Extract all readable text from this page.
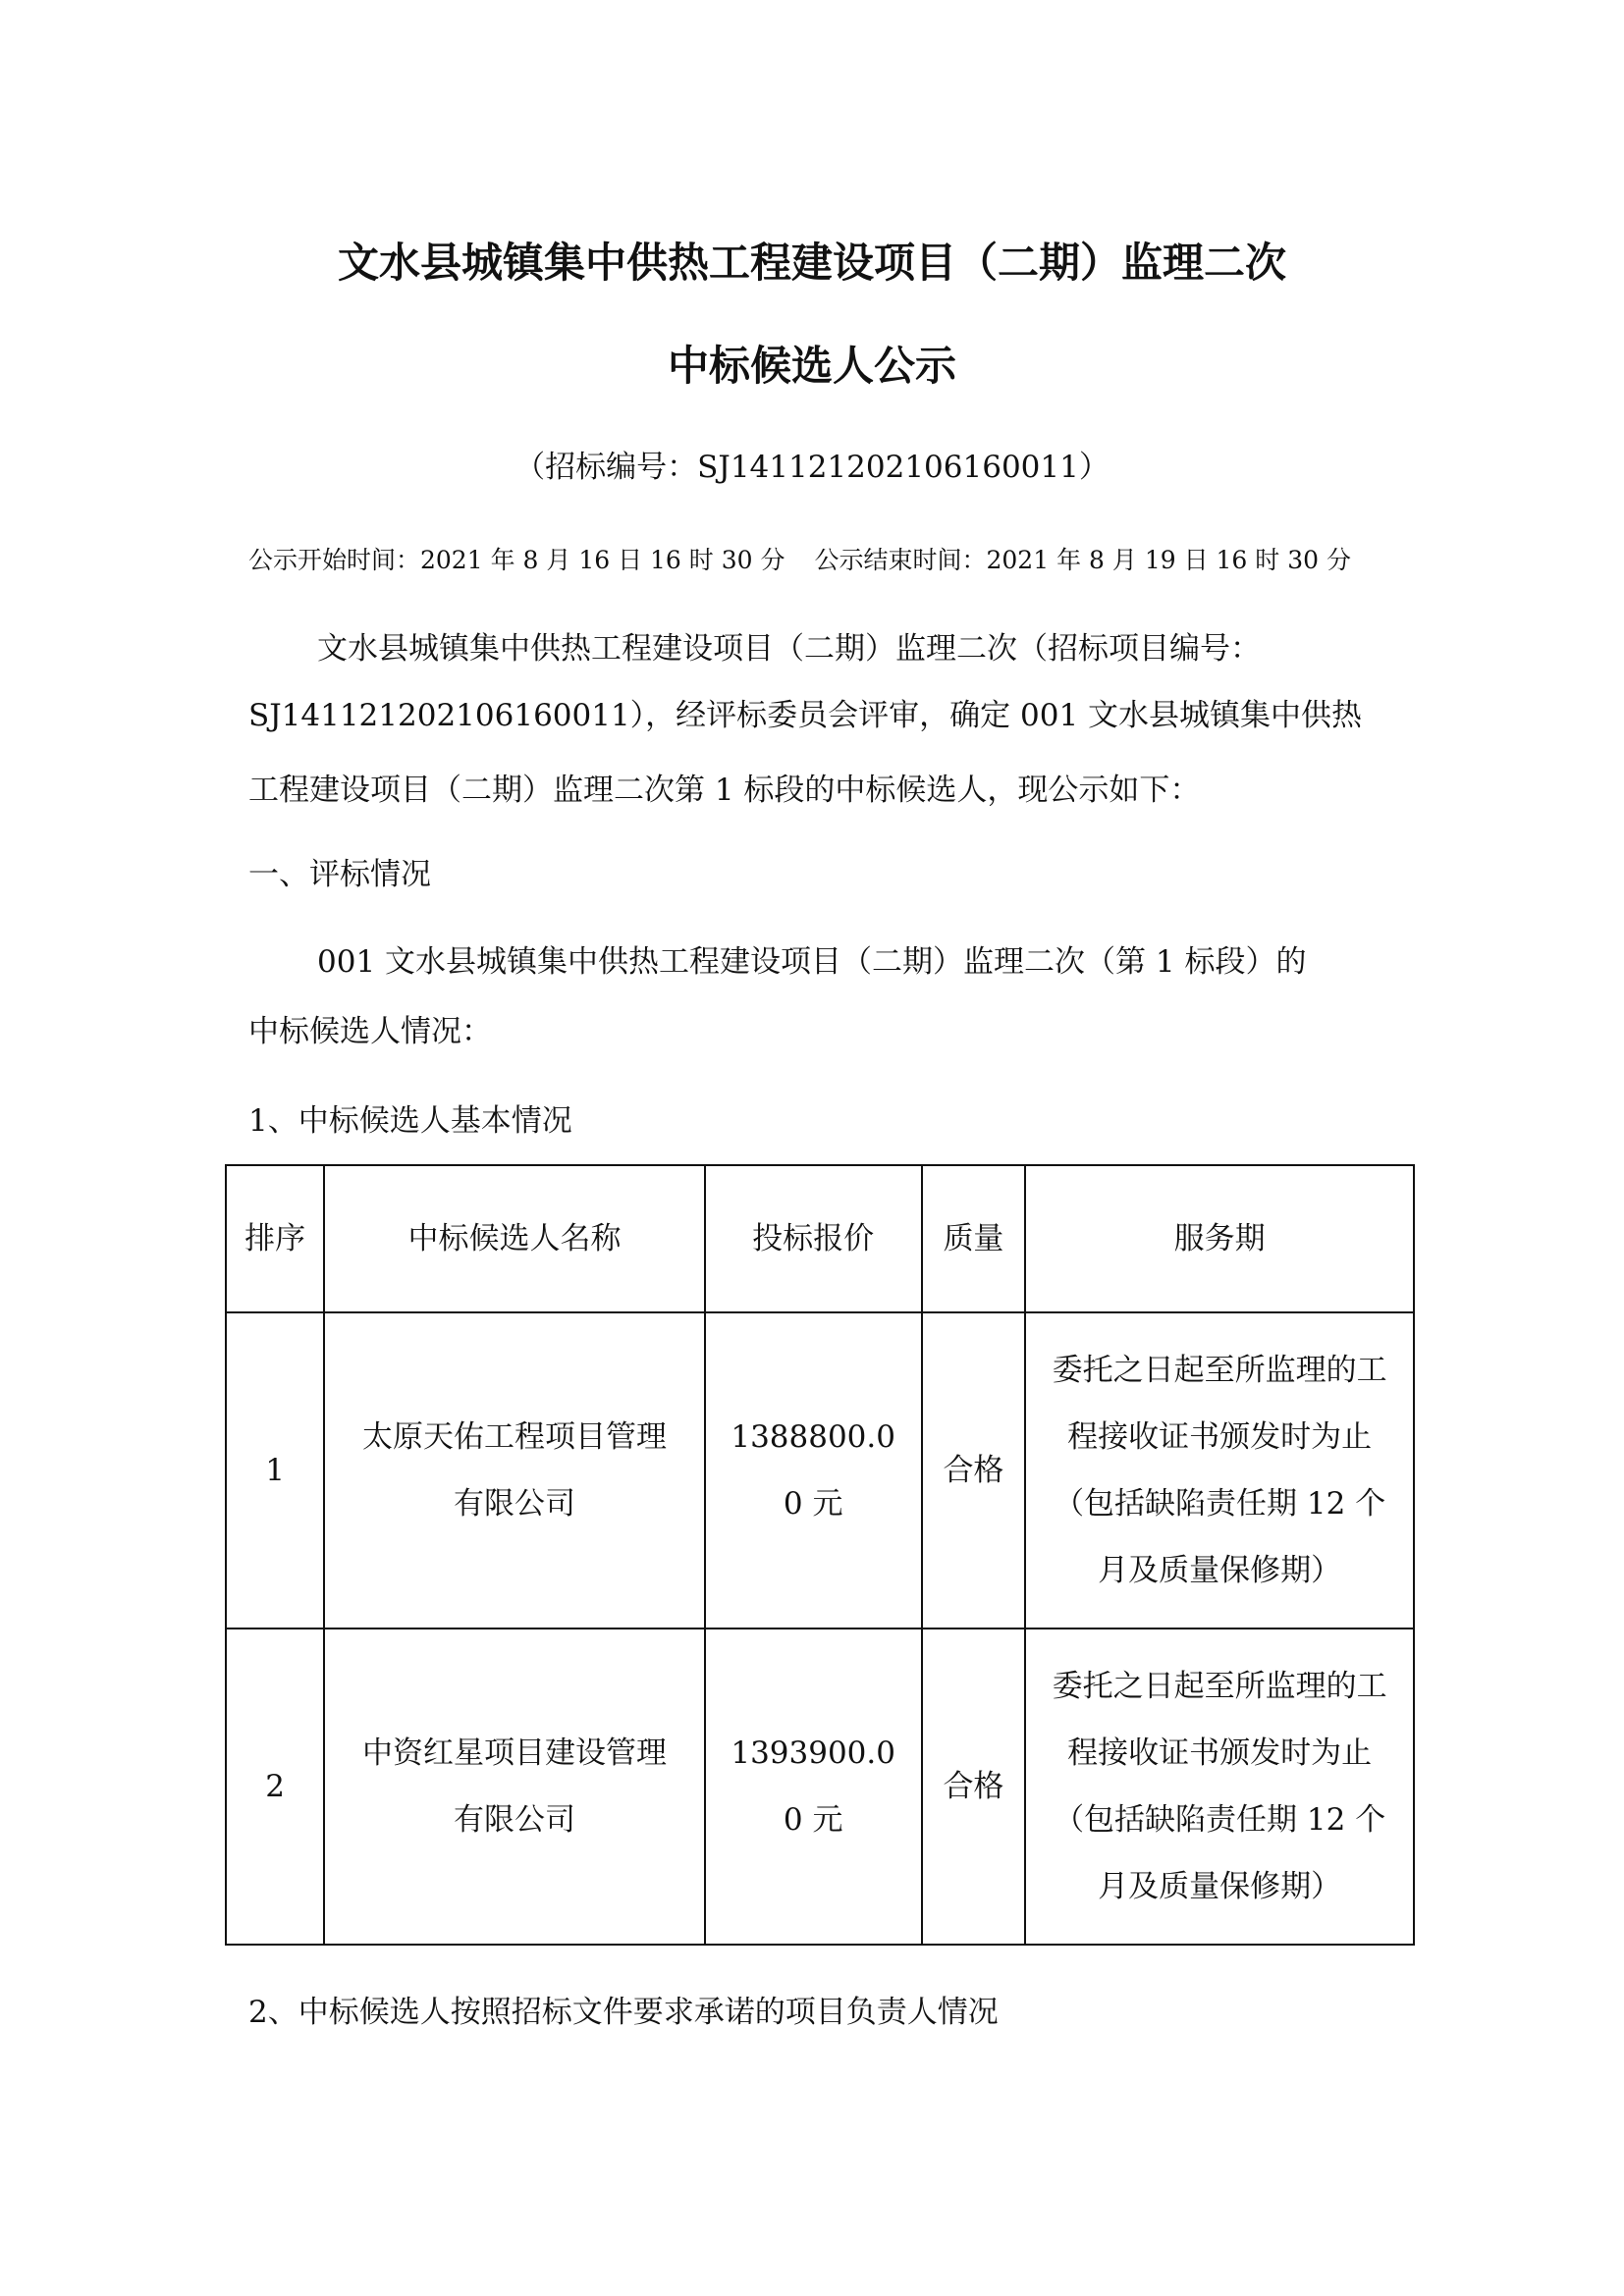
文水县城镇集中供热工程建设项目（二期）监理二次
中标候选人公示
（招标编号：SJ141121202106160011）
公示开始时间：2021 年 8 月 16 日 16 时 30 分 公示结束时间：2021 年 8 月 19 日 16 时 30 分
文水县城镇集中供热工程建设项目（二期）监理二次（招标项目编号：
SJ141121202106160011），经评标委员会评审，确定 001 文水县城镇集中供热
工程建设项目（二期）监理二次第 1 标段的中标候选人，现公示如下：
一、评标情况
001 文水县城镇集中供热工程建设项目（二期）监理二次（第 1 标段）的
中标候选人情况：
1、中标候选人基本情况
排序	中标候选人名称	投标报价	质量	服务期
1	太原天佑工程项目管理有限公司	1388800.00 元	合格	委托之日起至所监理的工程接收证书颁发时为止（包括缺陷责任期 12 个月及质量保修期）

2	中资红星项目建设管理有限公司	1393900.00 元	合格	委托之日起至所监理的工程接收证书颁发时为止（包括缺陷责任期 12 个月及质量保修期）
2、中标候选人按照招标文件要求承诺的项目负责人情况
